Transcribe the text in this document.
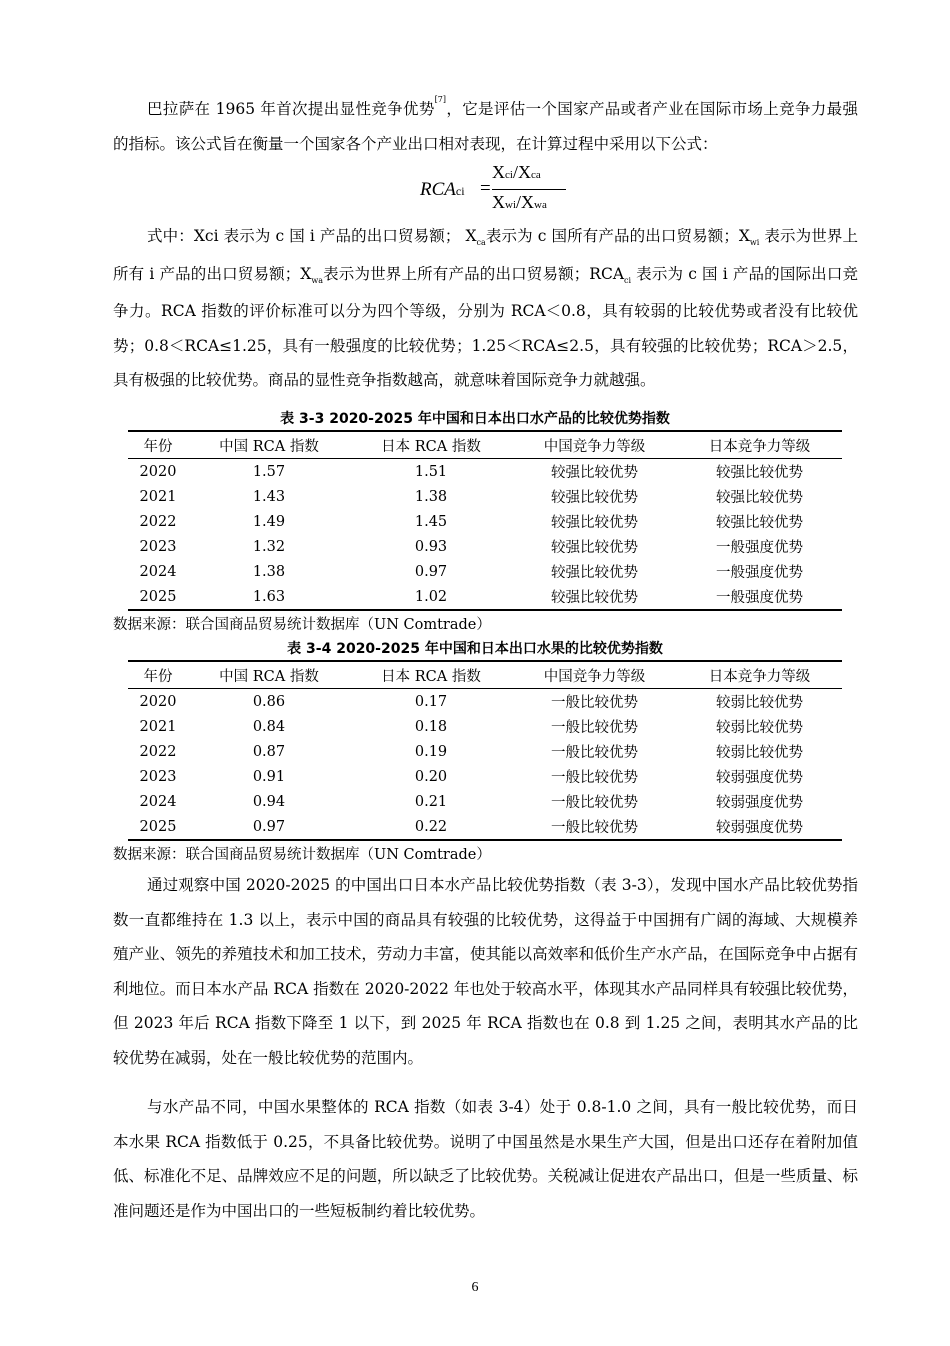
巴拉萨在 1965 年首次提出显性竞争优势[7]，它是评估一个国家产品或者产业在国际市场上竞争力最强的指标。该公式旨在衡量一个国家各个产业出口相对表现，在计算过程中采用以下公式：

RCAci =
Xci/Xca
Xwi/Xwa

式中：Xci 表示为 c 国 i 产品的出口贸易额； $X_{ca}$表示为 c 国所有产品的出口贸易额；$X_{wi}$ 表示为世界上所有 i 产品的出口贸易额；$X_{wa}$表示为世界上所有产品的出口贸易额；$RCA_{ci}$ 表示为 c 国 i 产品的国际出口竞争力。RCA 指数的评价标准可以分为四个等级，分别为 RCA＜0.8，具有较弱的比较优势或者没有比较优势；0.8＜RCA≤1.25，具有一般强度的比较优势；1.25＜RCA≤2.5，具有较强的比较优势；RCA＞2.5，具有极强的比较优势。商品的显性竞争指数越高，就意味着国际竞争力就越强。

表 3-3 2020-2025 年中国和日本出口水产品的比较优势指数
年份	中国 RCA 指数	日本 RCA 指数	中国竞争力等级	日本竞争力等级
2020	1.57	1.51	较强比较优势	较强比较优势
2021	1.43	1.38	较强比较优势	较强比较优势
2022	1.49	1.45	较强比较优势	较强比较优势
2023	1.32	0.93	较强比较优势	一般强度优势
2024	1.38	0.97	较强比较优势	一般强度优势
2025	1.63	1.02	较强比较优势	一般强度优势
数据来源：联合国商品贸易统计数据库（UN Comtrade）
表 3-4 2020-2025 年中国和日本出口水果的比较优势指数
年份	中国 RCA 指数	日本 RCA 指数	中国竞争力等级	日本竞争力等级
2020	0.86	0.17	一般比较优势	较弱比较优势
2021	0.84	0.18	一般比较优势	较弱比较优势
2022	0.87	0.19	一般比较优势	较弱比较优势
2023	0.91	0.20	一般比较优势	较弱强度优势
2024	0.94	0.21	一般比较优势	较弱强度优势
2025	0.97	0.22	一般比较优势	较弱强度优势
数据来源：联合国商品贸易统计数据库（UN Comtrade）

通过观察中国 2020-2025 的中国出口日本水产品比较优势指数（表 3-3），发现中国水产品比较优势指数一直都维持在 1.3 以上，表示中国的商品具有较强的比较优势，这得益于中国拥有广阔的海域、大规模养殖产业、领先的养殖技术和加工技术，劳动力丰富，使其能以高效率和低价生产水产品，在国际竞争中占据有利地位。而日本水产品 RCA 指数在 2020-2022 年也处于较高水平，体现其水产品同样具有较强比较优势，但 2023 年后 RCA 指数下降至 1 以下，到 2025 年 RCA 指数也在 0.8 到 1.25 之间，表明其水产品的比较优势在减弱，处在一般比较优势的范围内。

与水产品不同，中国水果整体的 RCA 指数（如表 3-4）处于 0.8-1.0 之间，具有一般比较优势，而日本水果 RCA 指数低于 0.25，不具备比较优势。说明了中国虽然是水果生产大国，但是出口还存在着附加值低、标准化不足、品牌效应不足的问题，所以缺乏了比较优势。关税减让促进农产品出口，但是一些质量、标准问题还是作为中国出口的一些短板制约着比较优势。

6
